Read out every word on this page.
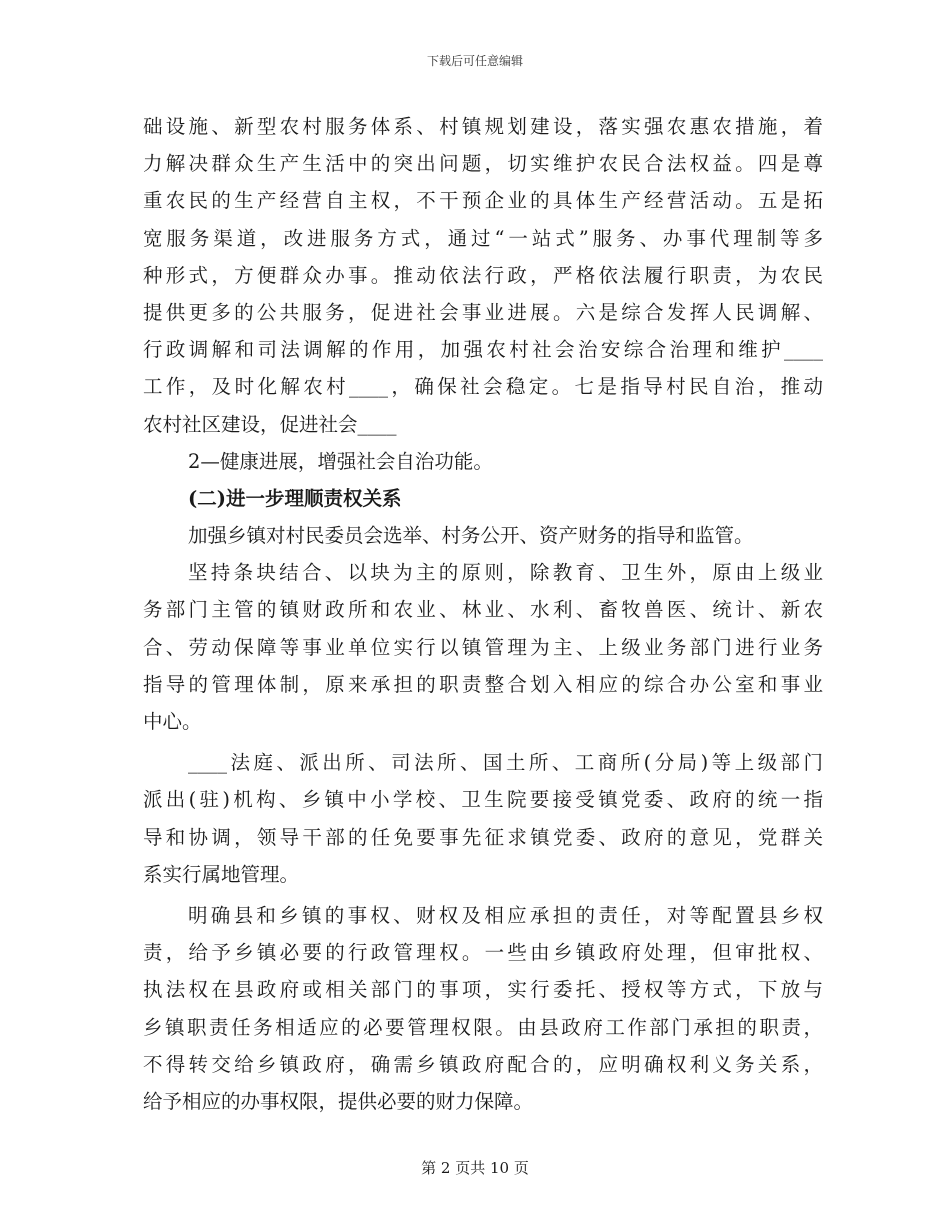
下载后可任意编辑
础设施、新型农村服务体系、村镇规划建设，落实强农惠农措施，着
力解决群众生产生活中的突出问题，切实维护农民合法权益。四是尊
重农民的生产经营自主权，不干预企业的具体生产经营活动。五是拓
宽服务渠道，改进服务方式，通过“一站式”服务、办事代理制等多
种形式，方便群众办事。推动依法行政，严格依法履行职责，为农民
提供更多的公共服务，促进社会事业进展。六是综合发挥人民调解、
行政调解和司法调解的作用，加强农村社会治安综合治理和维护____
工作，及时化解农村____，确保社会稳定。七是指导村民自治，推动
农村社区建设，促进社会____
2—健康进展，增强社会自治功能。
(二)进一步理顺责权关系
加强乡镇对村民委员会选举、村务公开、资产财务的指导和监管。
坚持条块结合、以块为主的原则，除教育、卫生外，原由上级业
务部门主管的镇财政所和农业、林业、水利、畜牧兽医、统计、新农
合、劳动保障等事业单位实行以镇管理为主、上级业务部门进行业务
指导的管理体制，原来承担的职责整合划入相应的综合办公室和事业
中心。
____法庭、派出所、司法所、国土所、工商所(分局)等上级部门
派出(驻)机构、乡镇中小学校、卫生院要接受镇党委、政府的统一指
导和协调，领导干部的任免要事先征求镇党委、政府的意见，党群关
系实行属地管理。
明确县和乡镇的事权、财权及相应承担的责任，对等配置县乡权
责，给予乡镇必要的行政管理权。一些由乡镇政府处理，但审批权、
执法权在县政府或相关部门的事项，实行委托、授权等方式，下放与
乡镇职责任务相适应的必要管理权限。由县政府工作部门承担的职责，
不得转交给乡镇政府，确需乡镇政府配合的，应明确权利义务关系，
给予相应的办事权限，提供必要的财力保障。
第 2 页共 10 页
